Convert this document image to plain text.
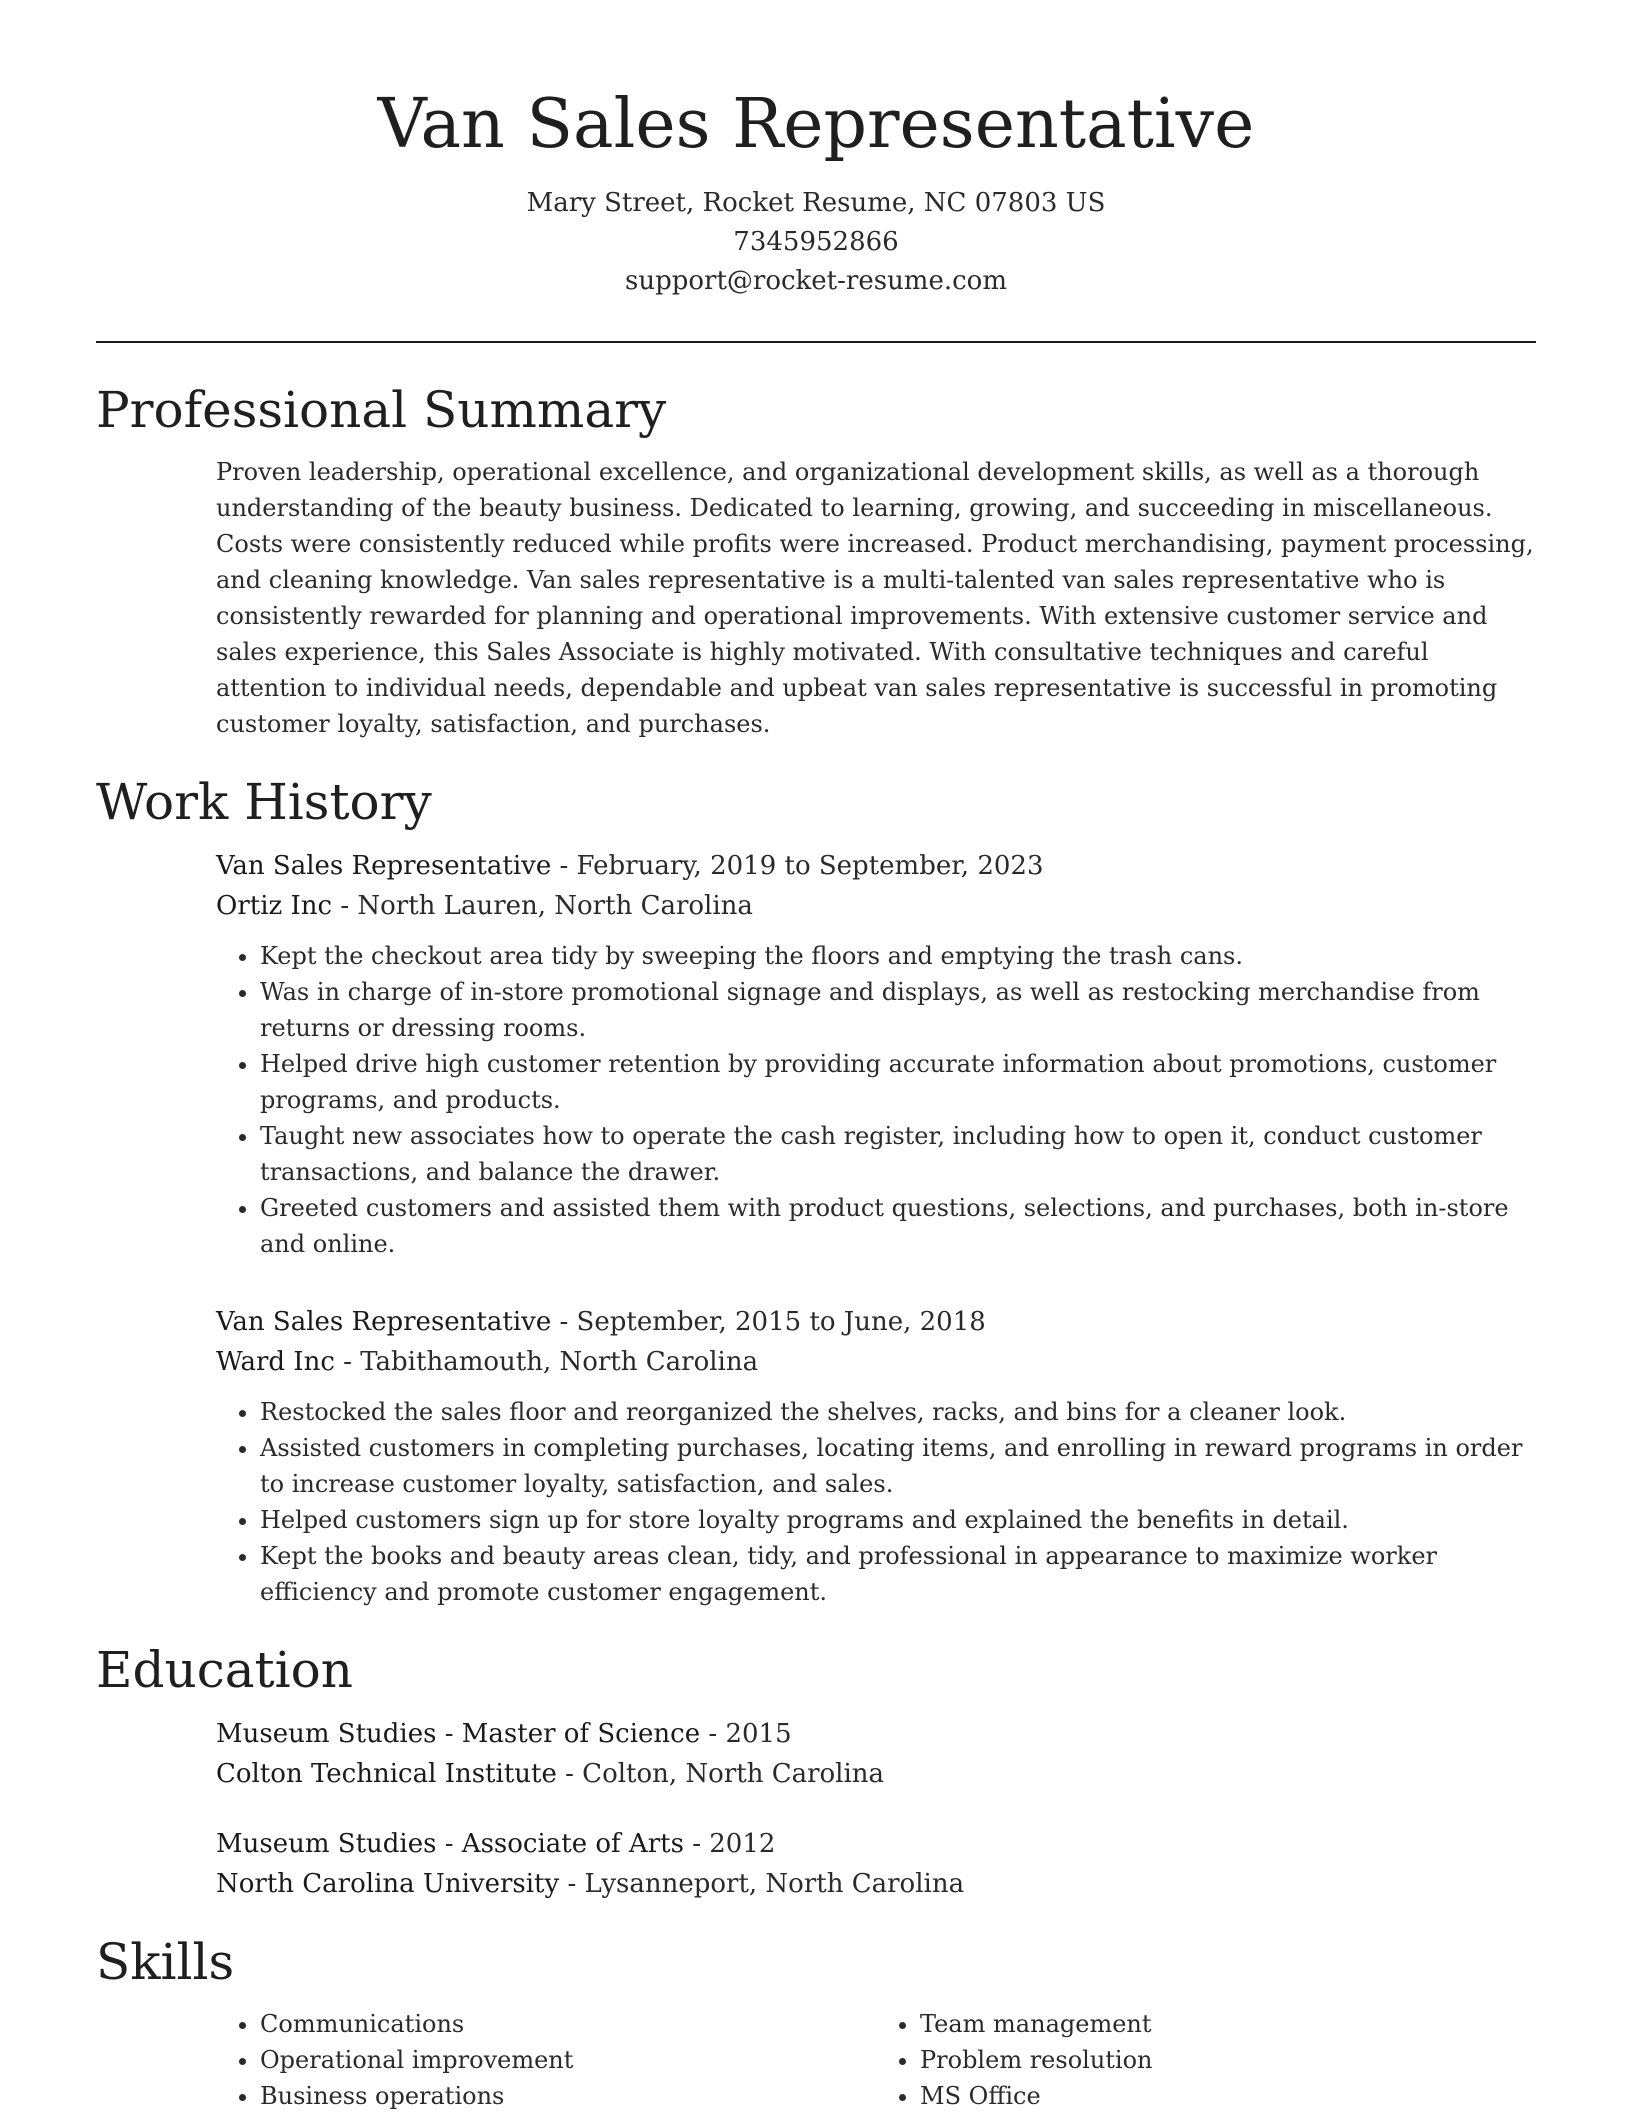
Van Sales Representative
Mary Street, Rocket Resume, NC 07803 US
7345952866
support@rocket-resume.com
Professional Summary

Proven leadership, operational excellence, and organizational development skills, as well as a thorough understanding of the beauty business. Dedicated to learning, growing, and succeeding in miscellaneous. Costs were consistently reduced while profits were increased. Product merchandising, payment processing, and cleaning knowledge. Van sales representative is a multi-talented van sales representative who is consistently rewarded for planning and operational improvements. With extensive customer service and sales experience, this Sales Associate is highly motivated. With consultative techniques and careful attention to individual needs, dependable and upbeat van sales representative is successful in promoting customer loyalty, satisfaction, and purchases.

Work History
Van Sales Representative - February, 2019 to September, 2023
Ortiz Inc - North Lauren, North Carolina
• Kept the checkout area tidy by sweeping the floors and emptying the trash cans.
• Was in charge of in-store promotional signage and displays, as well as restocking merchandise from returns or dressing rooms.
• Helped drive high customer retention by providing accurate information about promotions, customer programs, and products.
• Taught new associates how to operate the cash register, including how to open it, conduct customer transactions, and balance the drawer.
• Greeted customers and assisted them with product questions, selections, and purchases, both in-store and online.
Van Sales Representative - September, 2015 to June, 2018
Ward Inc - Tabithamouth, North Carolina
• Restocked the sales floor and reorganized the shelves, racks, and bins for a cleaner look.
• Assisted customers in completing purchases, locating items, and enrolling in reward programs in order to increase customer loyalty, satisfaction, and sales.
• Helped customers sign up for store loyalty programs and explained the benefits in detail.
• Kept the books and beauty areas clean, tidy, and professional in appearance to maximize worker efficiency and promote customer engagement.
Education
Museum Studies - Master of Science - 2015
Colton Technical Institute - Colton, North Carolina
Museum Studies - Associate of Arts - 2012
North Carolina University - Lysanneport, North Carolina
Skills
• Communications
• Operational improvement
• Business operations
• Team management
• Problem resolution
• MS Office
